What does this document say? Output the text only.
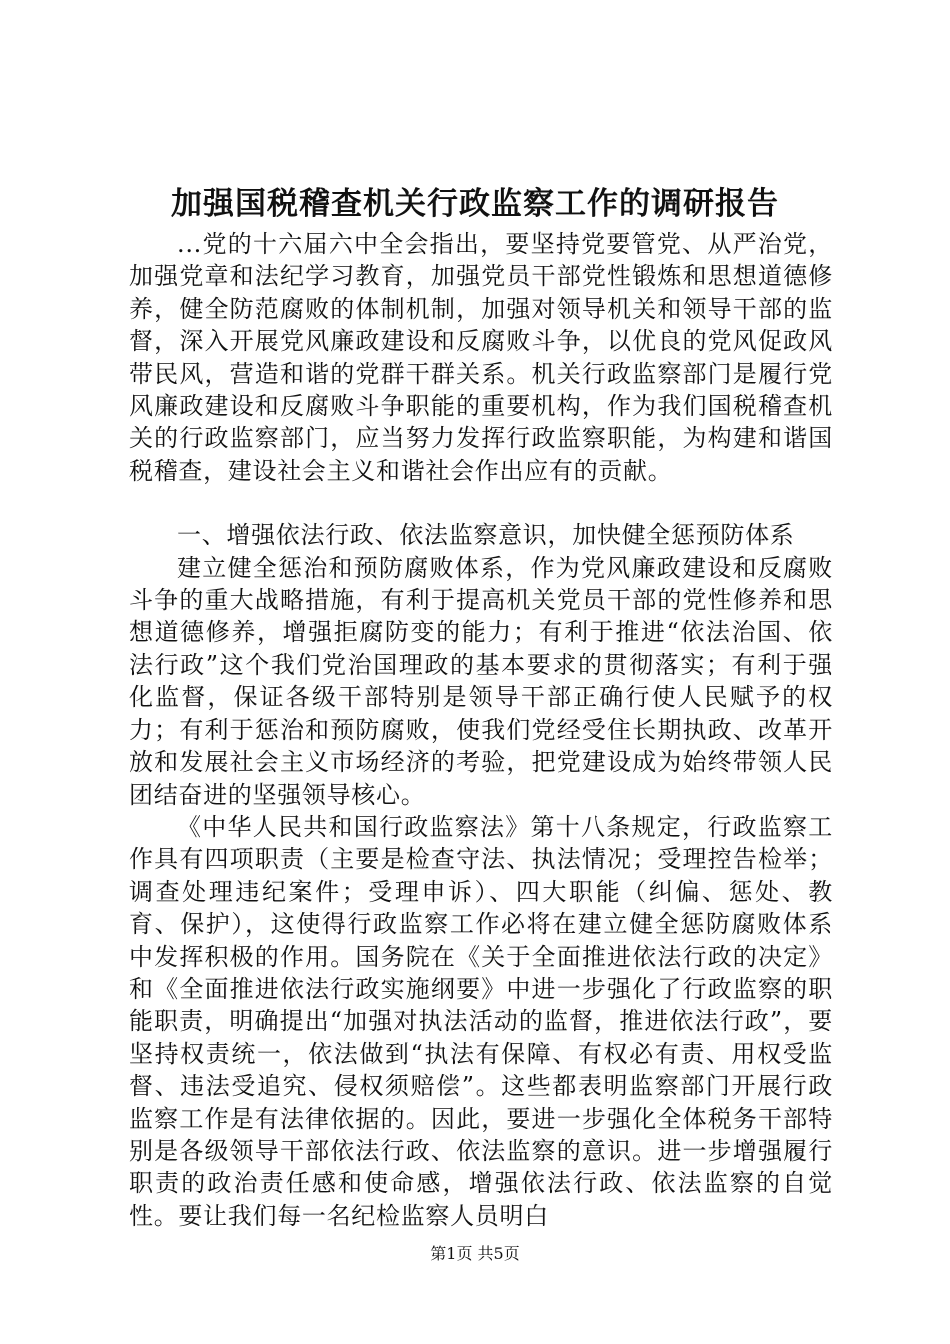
加强国税稽查机关行政监察工作的调研报告

...党的十六届六中全会指出，要坚持党要管党、从严治党，加强党章和法纪学习教育，加强党员干部党性锻炼和思想道德修养，健全防范腐败的体制机制，加强对领导机关和领导干部的监督，深入开展党风廉政建设和反腐败斗争，以优良的党风促政风带民风，营造和谐的党群干群关系。机关行政监察部门是履行党风廉政建设和反腐败斗争职能的重要机构，作为我们国税稽查机关的行政监察部门，应当努力发挥行政监察职能，为构建和谐国税稽查，建设社会主义和谐社会作出应有的贡献。

一、增强依法行政、依法监察意识，加快健全惩预防体系

建立健全惩治和预防腐败体系，作为党风廉政建设和反腐败斗争的重大战略措施，有利于提高机关党员干部的党性修养和思想道德修养，增强拒腐防变的能力；有利于推进“依法治国、依法行政”这个我们党治国理政的基本要求的贯彻落实；有利于强化监督，保证各级干部特别是领导干部正确行使人民赋予的权力；有利于惩治和预防腐败，使我们党经受住长期执政、改革开放和发展社会主义市场经济的考验，把党建设成为始终带领人民团结奋进的坚强领导核心。

《中华人民共和国行政监察法》第十八条规定，行政监察工作具有四项职责（主要是检查守法、执法情况；受理控告检举；调查处理违纪案件；受理申诉）、四大职能（纠偏、惩处、教育、保护），这使得行政监察工作必将在建立健全惩防腐败体系中发挥积极的作用。国务院在《关于全面推进依法行政的决定》和《全面推进依法行政实施纲要》中进一步强化了行政监察的职能职责，明确提出“加强对执法活动的监督，推进依法行政”，要坚持权责统一，依法做到“执法有保障、有权必有责、用权受监督、违法受追究、侵权须赔偿”。这些都表明监察部门开展行政监察工作是有法律依据的。因此，要进一步强化全体税务干部特别是各级领导干部依法行政、依法监察的意识。进一步增强履行职责的政治责任感和使命感，增强依法行政、依法监察的自觉性。要让我们每一名纪检监察人员明白

第1页 共5页
